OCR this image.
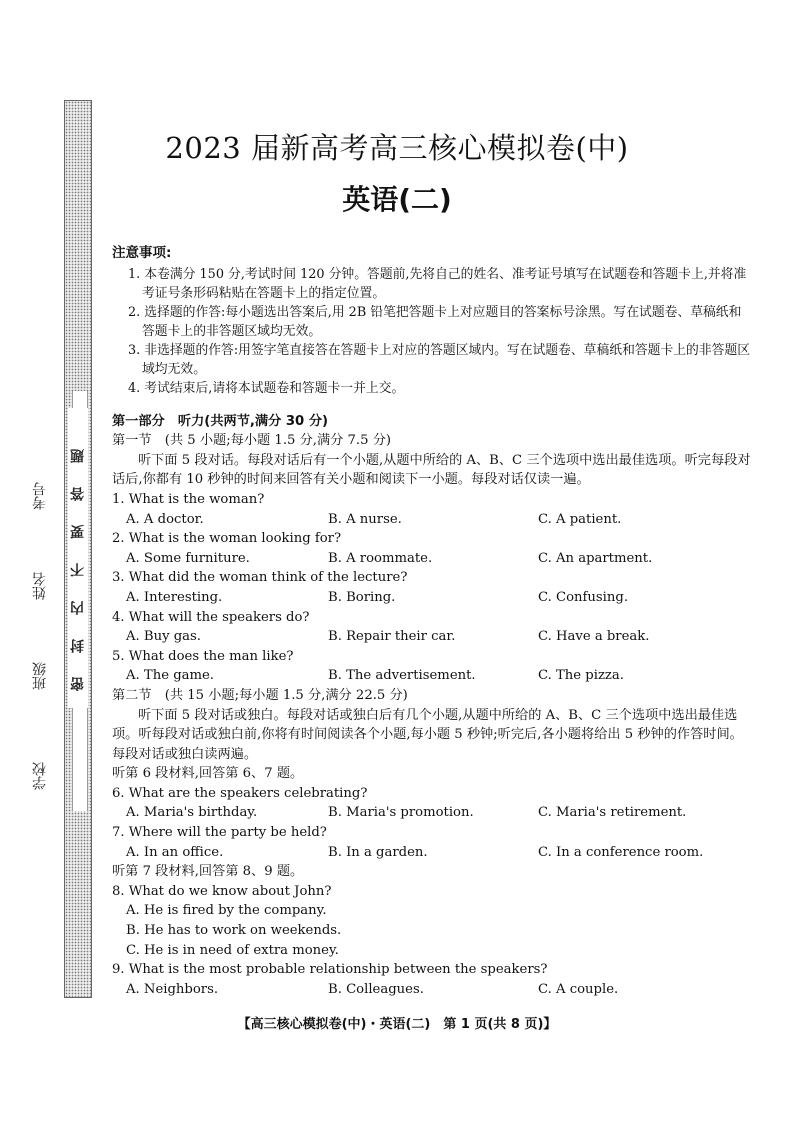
密封内不要答题
学校
班级
姓名
考号
2023 届新高考高三核心模拟卷(中)
英语(二)
注意事项:
1. 本卷满分 150 分,考试时间 120 分钟。答题前,先将自己的姓名、准考证号填写在试题卷和答题卡上,并将准考证号条形码粘贴在答题卡上的指定位置。
2. 选择题的作答:每小题选出答案后,用 2B 铅笔把答题卡上对应题目的答案标号涂黑。写在试题卷、草稿纸和答题卡上的非答题区域均无效。
3. 非选择题的作答:用签字笔直接答在答题卡上对应的答题区域内。写在试题卷、草稿纸和答题卡上的非答题区域均无效。
4. 考试结束后,请将本试题卷和答题卡一并上交。
第一部分　听力(共两节,满分 30 分)
第一节　(共 5 小题;每小题 1.5 分,满分 7.5 分)
听下面 5 段对话。每段对话后有一个小题,从题中所给的 A、B、C 三个选项中选出最佳选项。听完每段对话后,你都有 10 秒钟的时间来回答有关小题和阅读下一小题。每段对话仅读一遍。
1. What is the woman?
A. A doctor.	B. A nurse.	C. A patient.
2. What is the woman looking for?
A. Some furniture.	B. A roommate.	C. An apartment.
3. What did the woman think of the lecture?
A. Interesting.	B. Boring.	C. Confusing.
4. What will the speakers do?
A. Buy gas.	B. Repair their car.	C. Have a break.
5. What does the man like?
A. The game.	B. The advertisement.	C. The pizza.
第二节　(共 15 小题;每小题 1.5 分,满分 22.5 分)
听下面 5 段对话或独白。每段对话或独白后有几个小题,从题中所给的 A、B、C 三个选项中选出最佳选项。听每段对话或独白前,你将有时间阅读各个小题,每小题 5 秒钟;听完后,各小题将给出 5 秒钟的作答时间。每段对话或独白读两遍。
听第 6 段材料,回答第 6、7 题。
6. What are the speakers celebrating?
A. Maria's birthday.	B. Maria's promotion.	C. Maria's retirement.
7. Where will the party be held?
A. In an office.	B. In a garden.	C. In a conference room.
听第 7 段材料,回答第 8、9 题。
8. What do we know about John?
A. He is fired by the company.
B. He has to work on weekends.
C. He is in need of extra money.
9. What is the most probable relationship between the speakers?
A. Neighbors.	B. Colleagues.	C. A couple.
【高三核心模拟卷(中)・英语(二)　第 1 页(共 8 页)】
